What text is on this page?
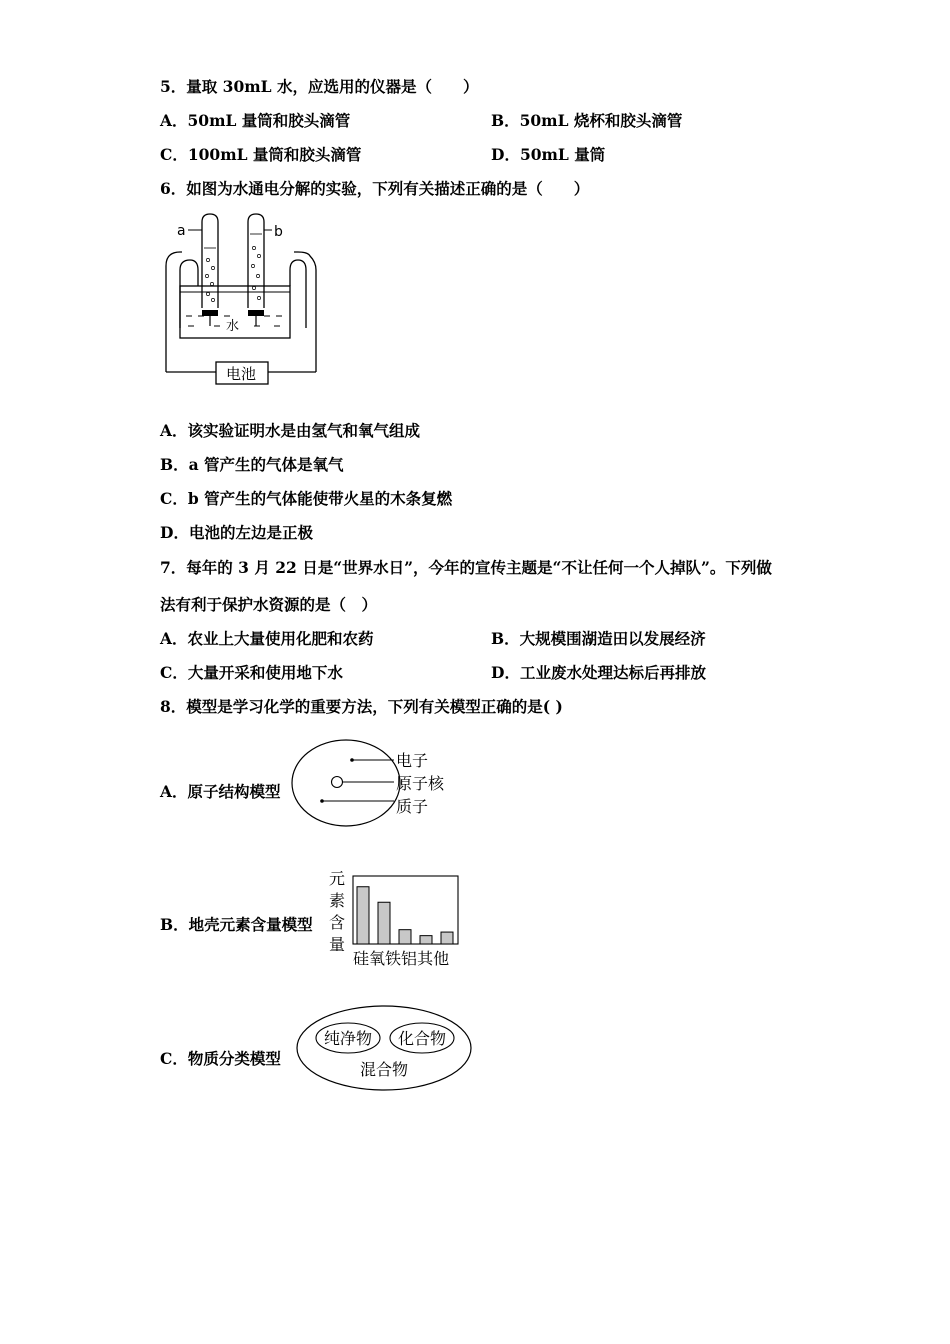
5．量取 30mL 水，应选用的仪器是（　　）
A．50mL 量筒和胶头滴管	B．50mL 烧杯和胶头滴管
C．100mL 量筒和胶头滴管	D．50mL 量筒
6．如图为水通电分解的实验，下列有关描述正确的是（　　）
a	b
水
电池
A．该实验证明水是由氢气和氧气组成
B．a 管产生的气体是氧气
C．b 管产生的气体能使带火星的木条复燃
D．电池的左边是正极
7．每年的 3 月 22 日是“世界水日”，今年的宣传主题是“不让任何一个人掉队”。下列做
法有利于保护水资源的是（　）
A．农业上大量使用化肥和农药	B．大规模围湖造田以发展经济
C．大量开采和使用地下水	D．工业废水处理达标后再排放
8．模型是学习化学的重要方法，下列有关模型正确的是( )
A．原子结构模型
电子
原子核
质子
B．地壳元素含量模型
元
素
含
量
硅氧铁铝其他
C．物质分类模型
纯净物 化合物
混合物
